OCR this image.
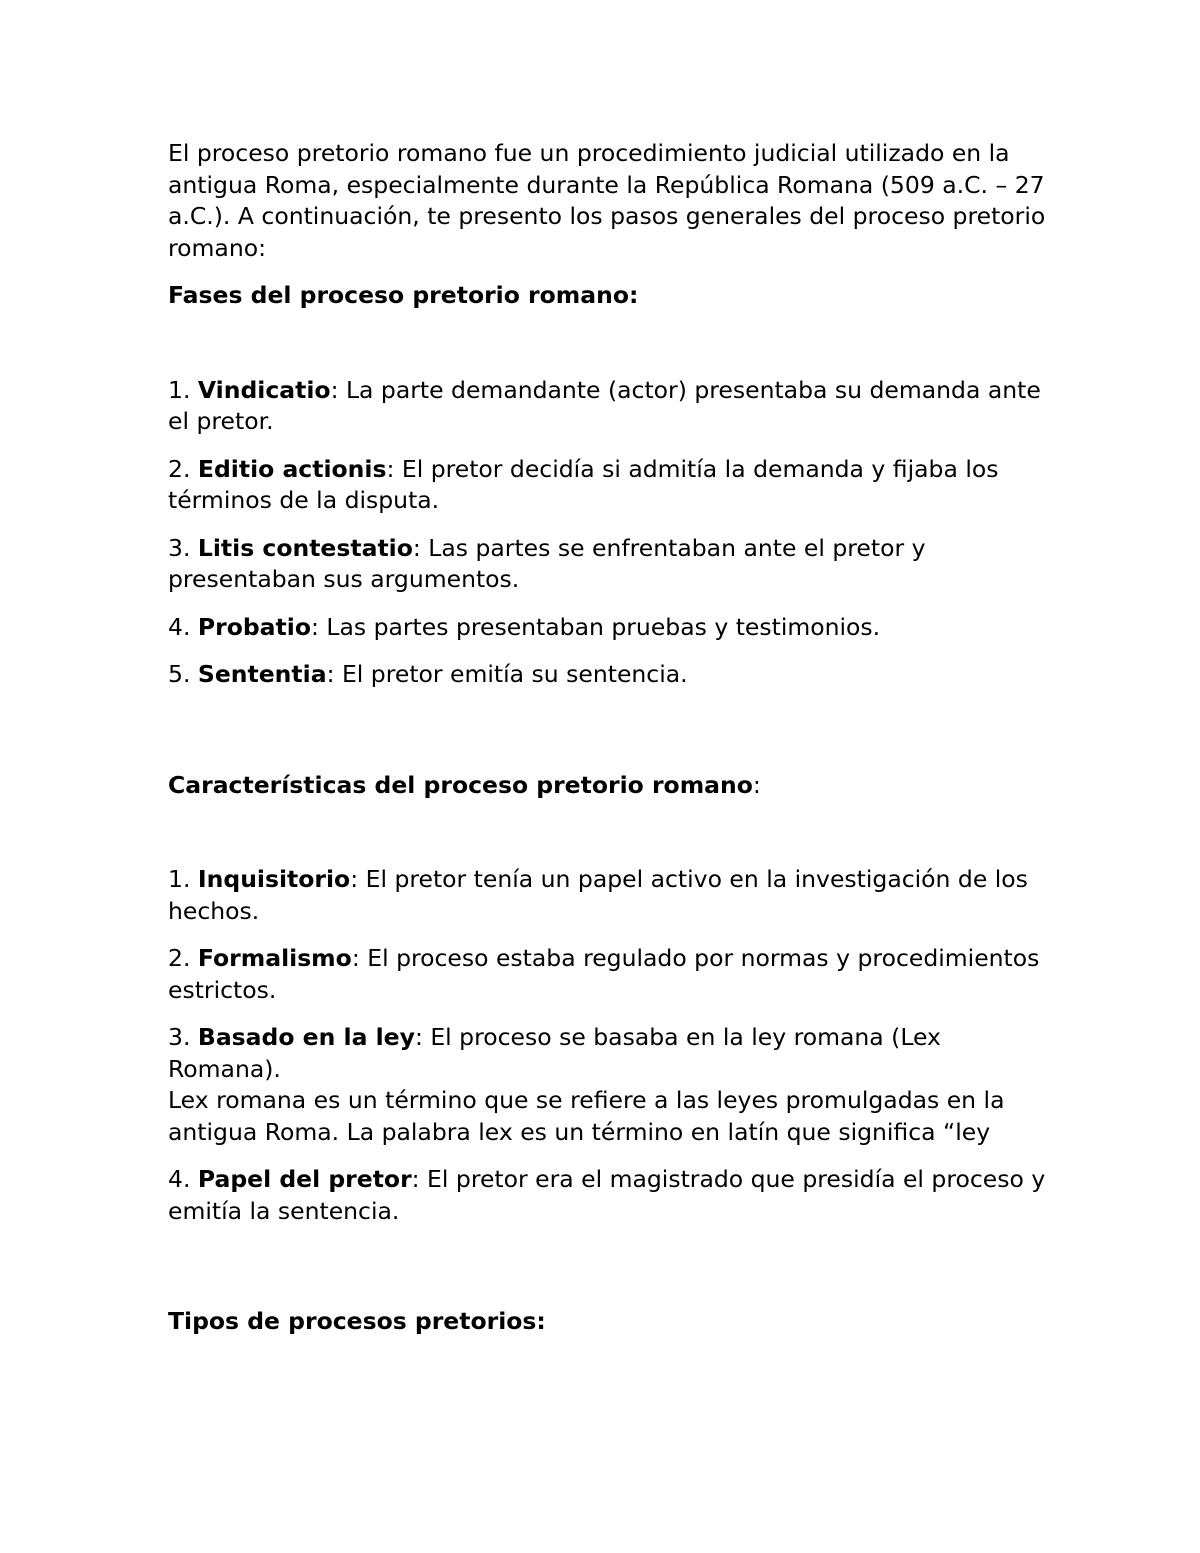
El proceso pretorio romano fue un procedimiento judicial utilizado en la antigua Roma, especialmente durante la República Romana (509 a.C. – 27 a.C.). A continuación, te presento los pasos generales del proceso pretorio romano:

Fases del proceso pretorio romano:

1. Vindicatio: La parte demandante (actor) presentaba su demanda ante el pretor.

2. Editio actionis: El pretor decidía si admitía la demanda y fijaba los términos de la disputa.

3. Litis contestatio: Las partes se enfrentaban ante el pretor y presentaban sus argumentos.

4. Probatio: Las partes presentaban pruebas y testimonios.

5. Sententia: El pretor emitía su sentencia.

Características del proceso pretorio romano:

1. Inquisitorio: El pretor tenía un papel activo en la investigación de los hechos.

2. Formalismo: El proceso estaba regulado por normas y procedimientos estrictos.

3. Basado en la ley: El proceso se basaba en la ley romana (Lex Romana).

Lex romana es un término que se refiere a las leyes promulgadas en la antigua Roma. La palabra lex es un término en latín que significa “ley

4. Papel del pretor: El pretor era el magistrado que presidía el proceso y emitía la sentencia.

Tipos de procesos pretorios:
